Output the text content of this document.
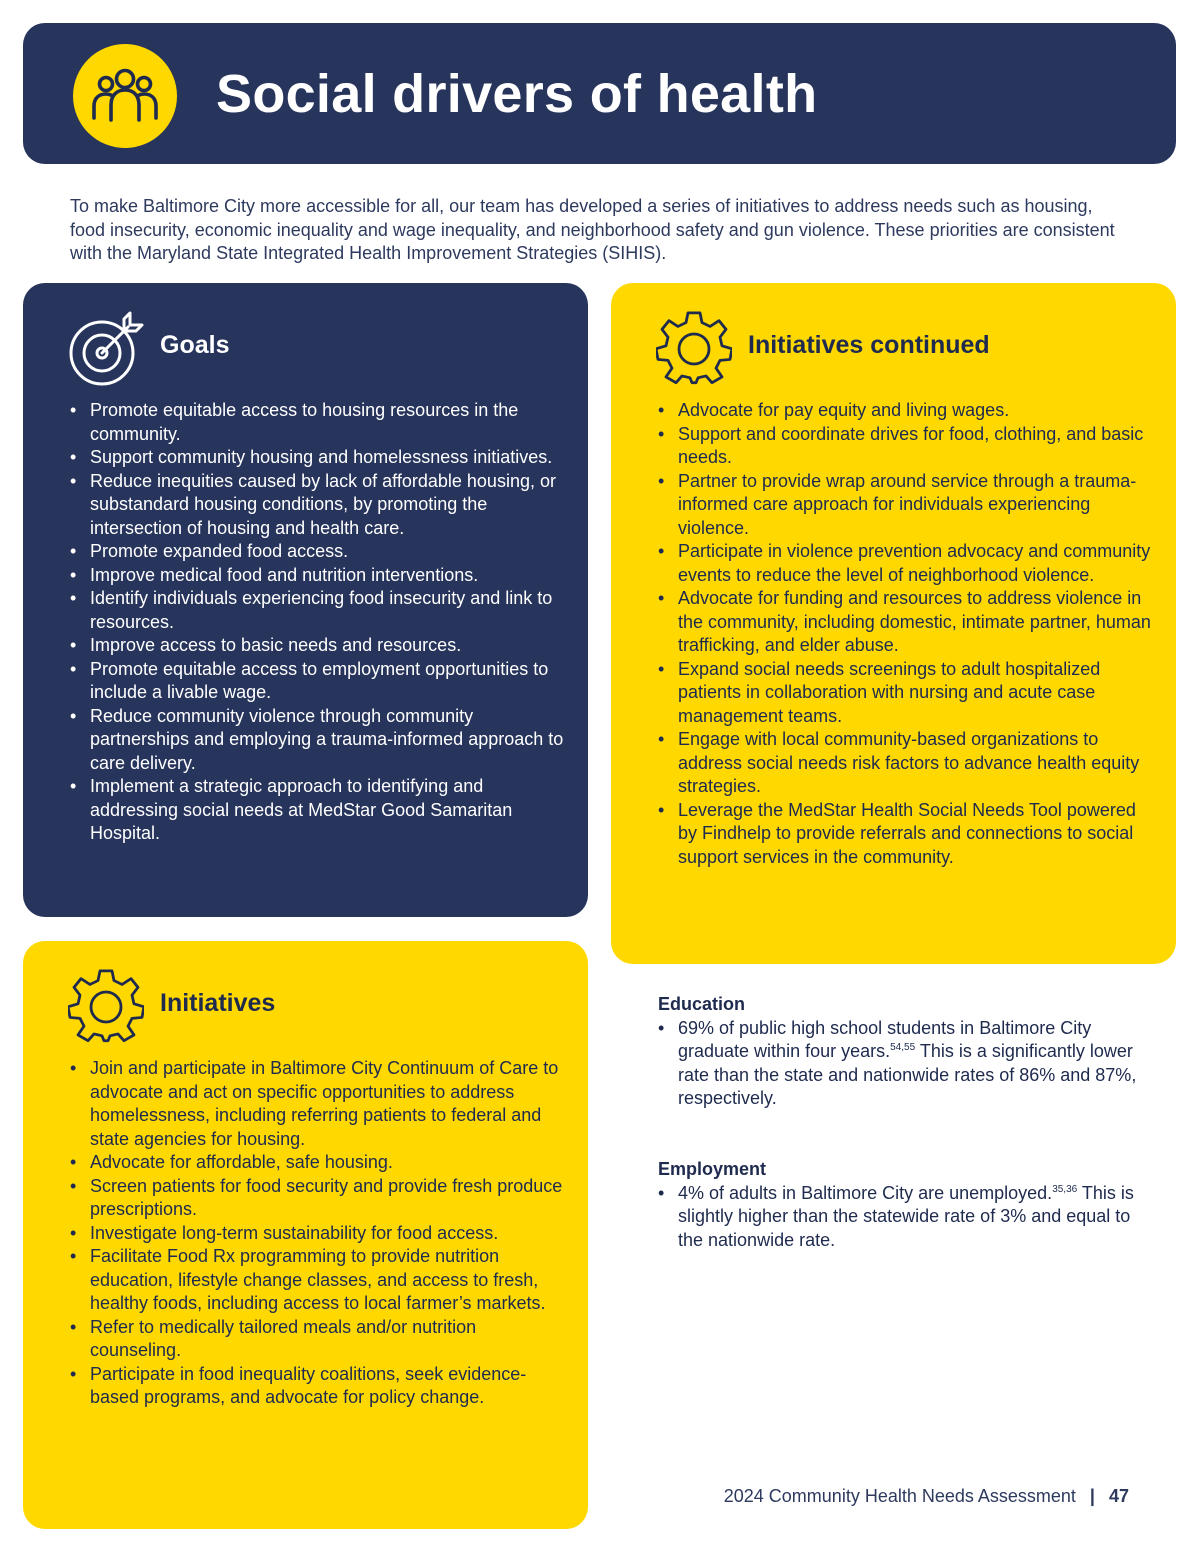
Social drivers of health

To make Baltimore City more accessible for all, our team has developed a series of initiatives to address needs such as housing, food insecurity, economic inequality and wage inequality, and neighborhood safety and gun violence. These priorities are consistent with the Maryland State Integrated Health Improvement Strategies (SIHIS).

Goals
• Promote equitable access to housing resources in the community.
• Support community housing and homelessness initiatives.
• Reduce inequities caused by lack of affordable housing, or substandard housing conditions, by promoting the intersection of housing and health care.
• Promote expanded food access.
• Improve medical food and nutrition interventions.
• Identify individuals experiencing food insecurity and link to resources.
• Improve access to basic needs and resources.
• Promote equitable access to employment opportunities to include a livable wage.
• Reduce community violence through community partnerships and employing a trauma-informed approach to care delivery.
• Implement a strategic approach to identifying and addressing social needs at MedStar Good Samaritan Hospital.
Initiatives
• Join and participate in Baltimore City Continuum of Care to advocate and act on specific opportunities to address homelessness, including referring patients to federal and state agencies for housing.
• Advocate for affordable, safe housing.
• Screen patients for food security and provide fresh produce prescriptions.
• Investigate long-term sustainability for food access.
• Facilitate Food Rx programming to provide nutrition education, lifestyle change classes, and access to fresh, healthy foods, including access to local farmer’s markets.
• Refer to medically tailored meals and/or nutrition counseling.
• Participate in food inequality coalitions, seek evidence-based programs, and advocate for policy change.
Initiatives continued
• Advocate for pay equity and living wages.
• Support and coordinate drives for food, clothing, and basic needs.
• Partner to provide wrap around service through a trauma-informed care approach for individuals experiencing violence.
• Participate in violence prevention advocacy and community events to reduce the level of neighborhood violence.
• Advocate for funding and resources to address violence in the community, including domestic, intimate partner, human trafficking, and elder abuse.
• Expand social needs screenings to adult hospitalized patients in collaboration with nursing and acute case management teams.
• Engage with local community-based organizations to address social needs risk factors to advance health equity strategies.
• Leverage the MedStar Health Social Needs Tool powered by Findhelp to provide referrals and connections to social support services in the community.
Education
• 69% of public high school students in Baltimore City graduate within four years.$^{54,55}$ This is a significantly lower rate than the state and nationwide rates of 86% and 87%, respectively.
Employment
• 4% of adults in Baltimore City are unemployed.$^{35,36}$ This is slightly higher than the statewide rate of 3% and equal to the nationwide rate.
2024 Community Health Needs Assessment | 47
